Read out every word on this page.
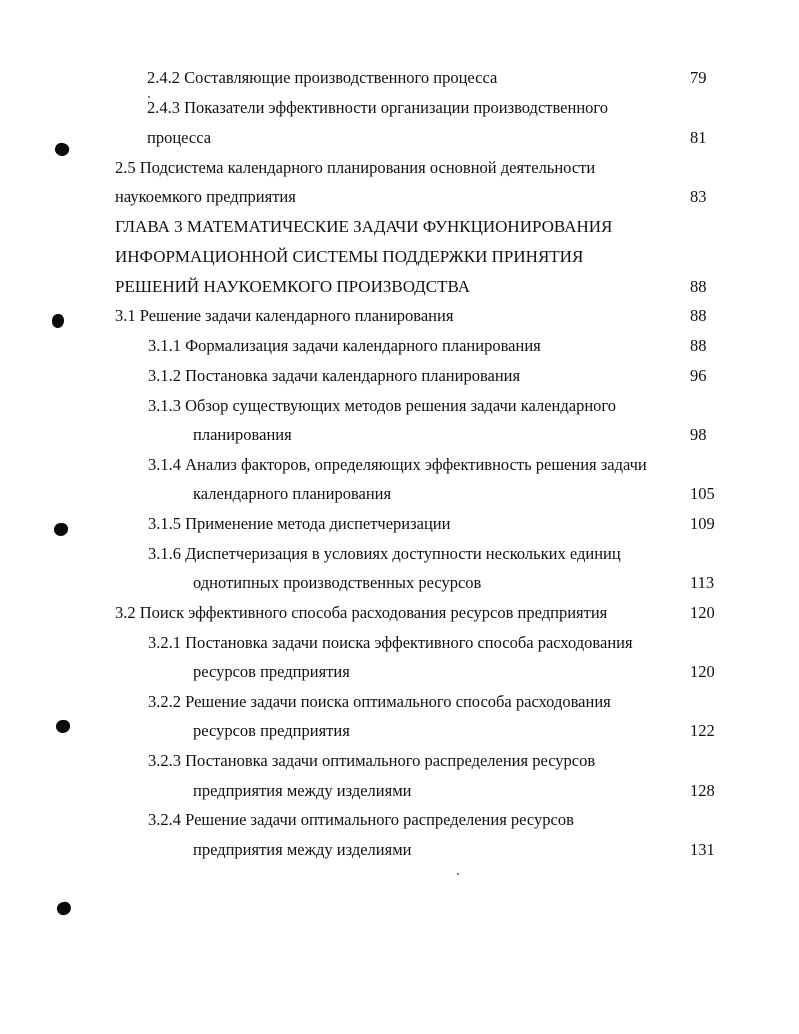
2.4.2 Составляющие производственного процесса	79
2.4.3 Показатели эффективности организации производственного
процесса	81
2.5 Подсистема календарного планирования основной деятельности
наукоемкого предприятия	83
ГЛАВА 3 МАТЕМАТИЧЕСКИЕ ЗАДАЧИ ФУНКЦИОНИРОВАНИЯ
ИНФОРМАЦИОННОЙ СИСТЕМЫ ПОДДЕРЖКИ ПРИНЯТИЯ
РЕШЕНИЙ НАУКОЕМКОГО ПРОИЗВОДСТВА	88
3.1 Решение задачи календарного планирования	88
3.1.1 Формализация задачи календарного планирования	88
3.1.2 Постановка задачи календарного планирования	96
3.1.3 Обзор существующих методов решения задачи календарного
планирования	98
3.1.4 Анализ факторов, определяющих эффективность решения задачи
календарного планирования	105
3.1.5 Применение метода диспетчеризации	109
3.1.6 Диспетчеризация в условиях доступности нескольких единиц
однотипных производственных ресурсов	113
3.2 Поиск эффективного способа расходования ресурсов предприятия	120
3.2.1 Постановка задачи поиска эффективного способа расходования
ресурсов предприятия	120
3.2.2 Решение задачи поиска оптимального способа расходования
ресурсов предприятия	122
3.2.3 Постановка задачи оптимального распределения ресурсов
предприятия между изделиями	128
3.2.4 Решение задачи оптимального распределения ресурсов
предприятия между изделиями	131
